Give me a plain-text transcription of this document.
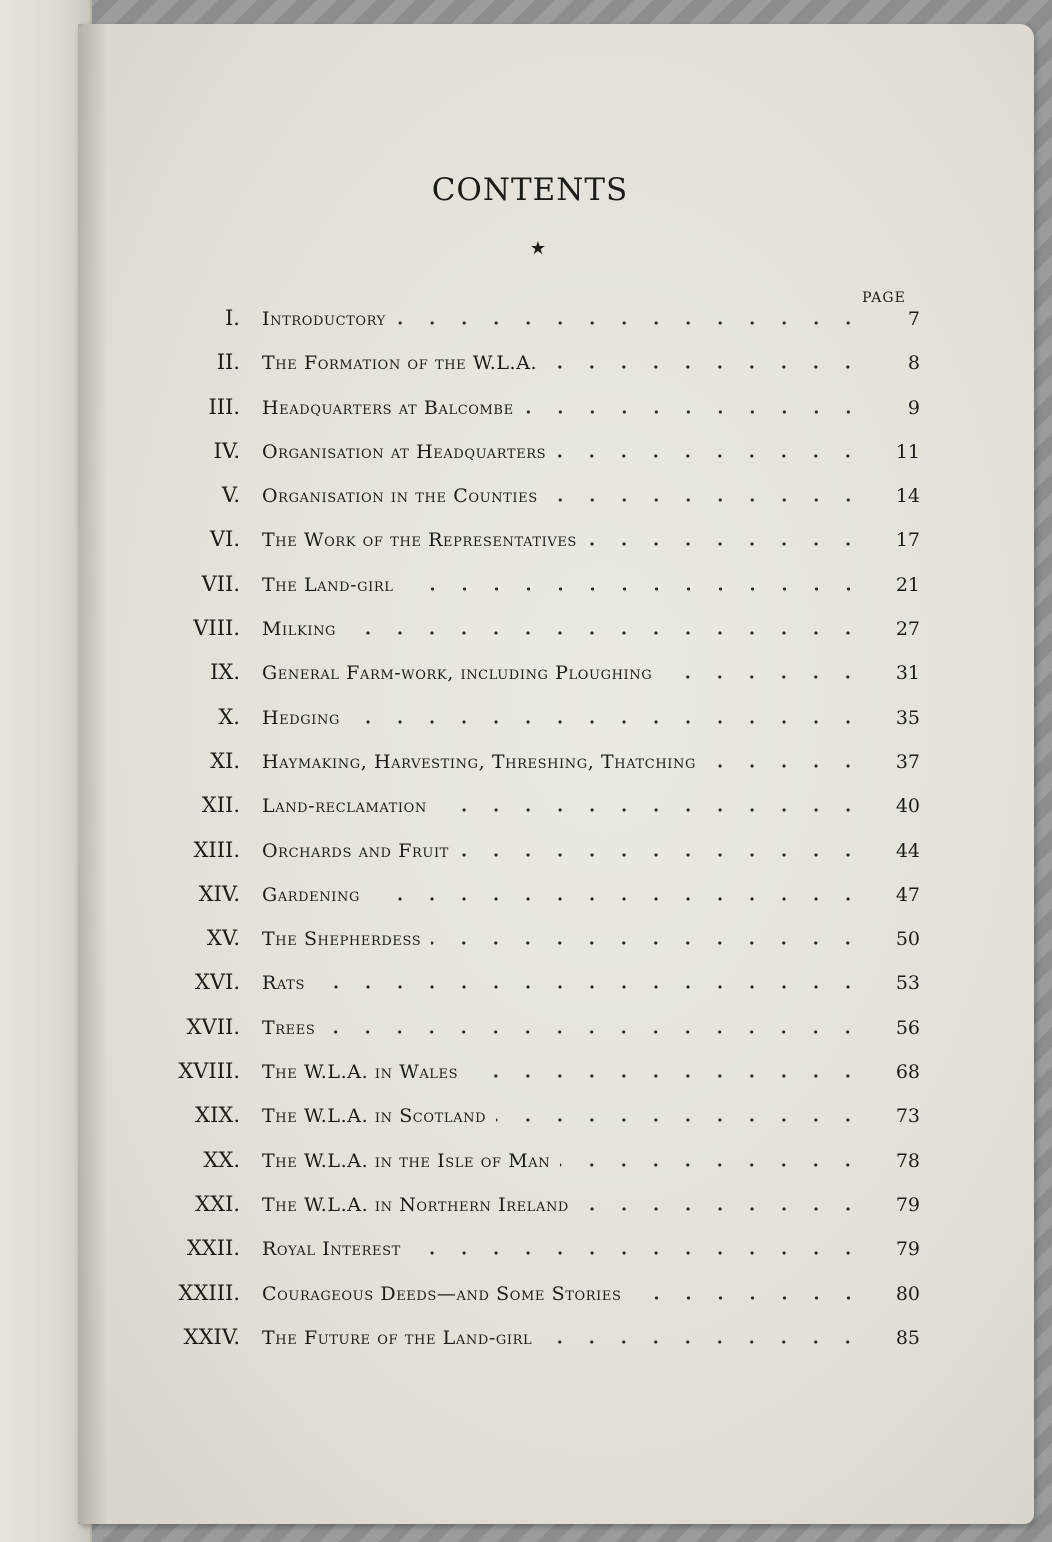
CONTENTS
★
PAGE
I.	Introductory	7
II.	The Formation of the W.L.A.	8
III.	Headquarters at Balcombe	9
IV.	Organisation at Headquarters	11
V.	Organisation in the Counties	14
VI.	The Work of the Representatives	17
VII.	The Land-girl	21
VIII.	Milking	27
IX.	General Farm-work, including Ploughing	31
X.	Hedging	35
XI.	Haymaking, Harvesting, Threshing, Thatching	37
XII.	Land-reclamation	40
XIII.	Orchards and Fruit	44
XIV.	Gardening	47
XV.	The Shepherdess	50
XVI.	Rats	53
XVII.	Trees	56
XVIII.	The W.L.A. in Wales	68
XIX.	The W.L.A. in Scotland	73
XX.	The W.L.A. in the Isle of Man	78
XXI.	The W.L.A. in Northern Ireland	79
XXII.	Royal Interest	79
XXIII.	Courageous Deeds—and Some Stories	80
XXIV.	The Future of the Land-girl	85
